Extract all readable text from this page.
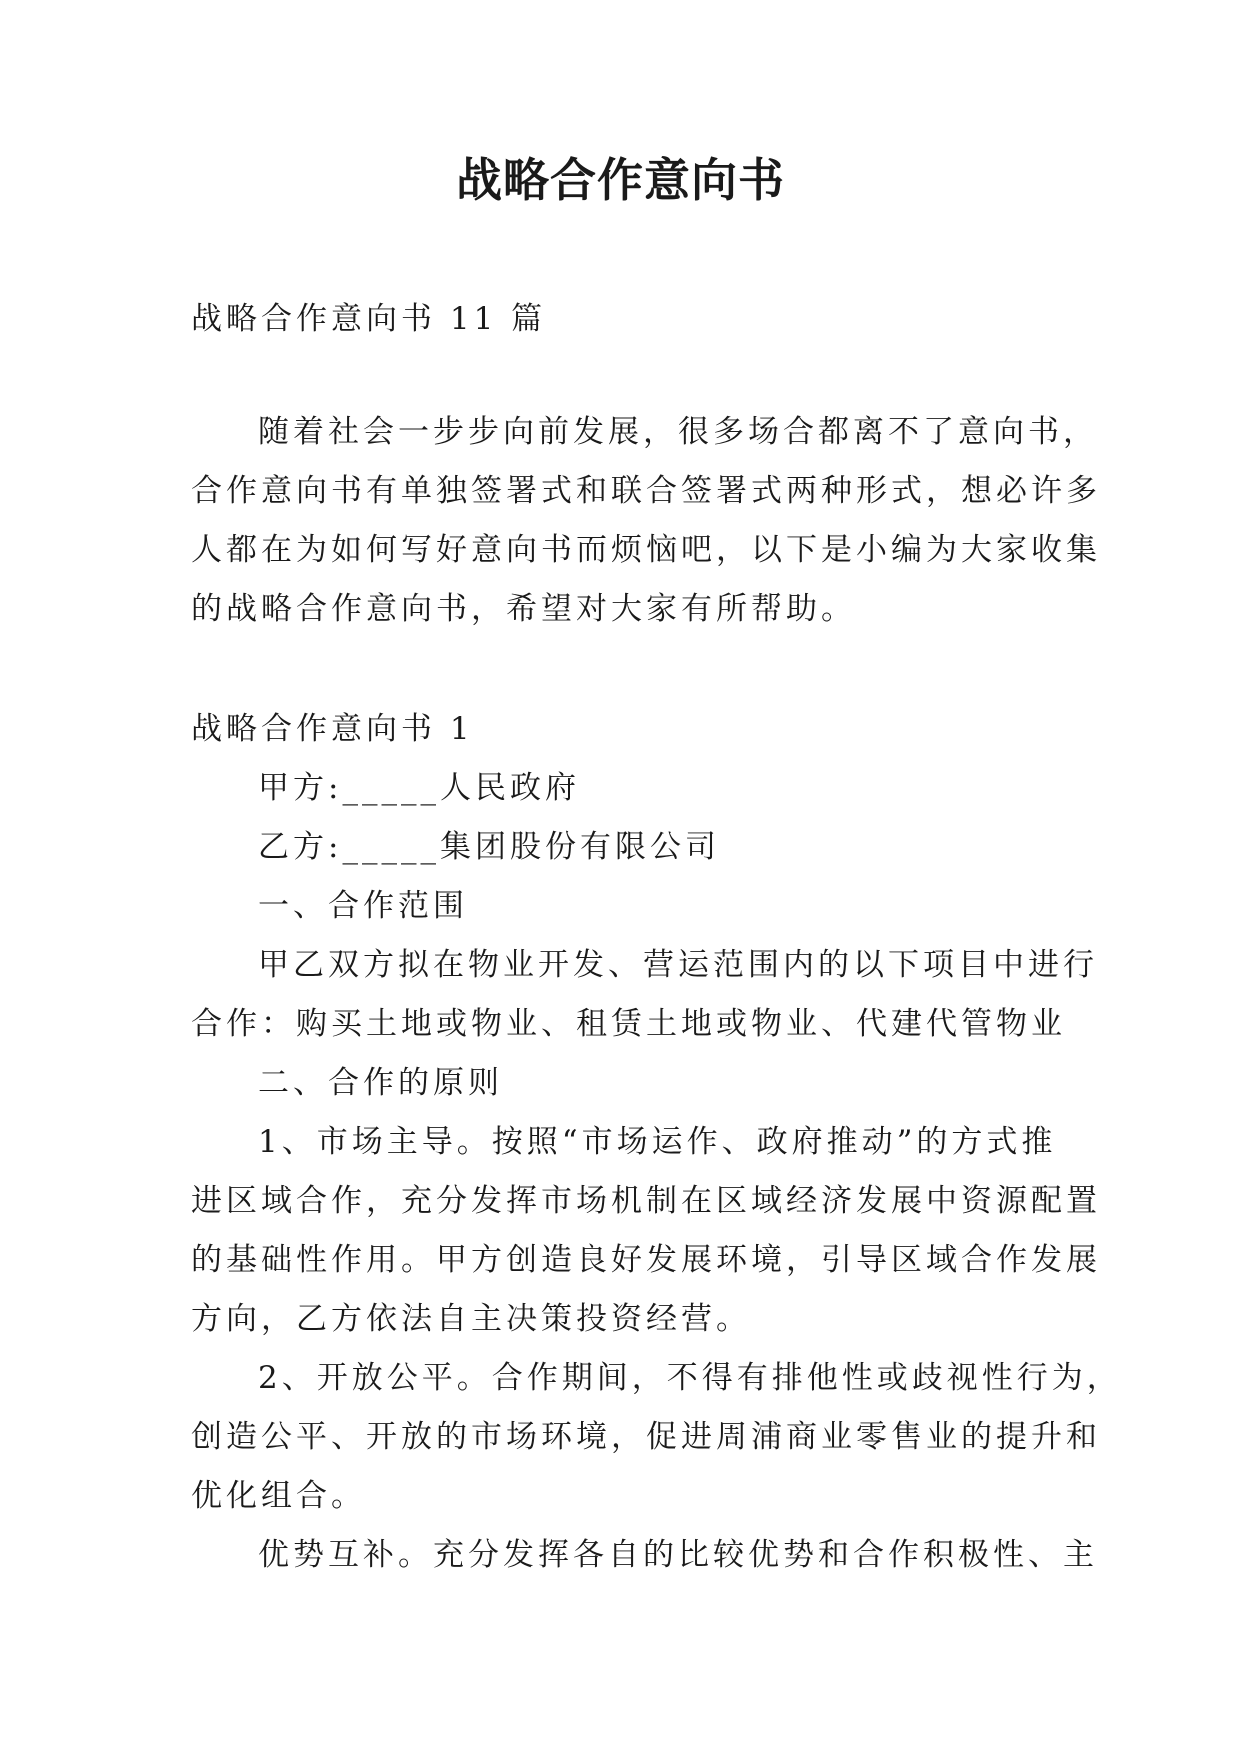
战略合作意向书
战略合作意向书 11 篇
随着社会一步步向前发展，很多场合都离不了意向书，
合作意向书有单独签署式和联合签署式两种形式，想必许多
人都在为如何写好意向书而烦恼吧，以下是小编为大家收集
的战略合作意向书，希望对大家有所帮助。
战略合作意向书 1
甲方:_____人民政府
乙方:_____集团股份有限公司
一、合作范围
甲乙双方拟在物业开发、营运范围内的以下项目中进行
合作：购买土地或物业、租赁土地或物业、代建代管物业
二、合作的原则
1、市场主导。按照“市场运作、政府推动”的方式推
进区域合作，充分发挥市场机制在区域经济发展中资源配置
的基础性作用。甲方创造良好发展环境，引导区域合作发展
方向，乙方依法自主决策投资经营。
2、开放公平。合作期间，不得有排他性或歧视性行为，
创造公平、开放的市场环境，促进周浦商业零售业的提升和
优化组合。
优势互补。充分发挥各自的比较优势和合作积极性、主
